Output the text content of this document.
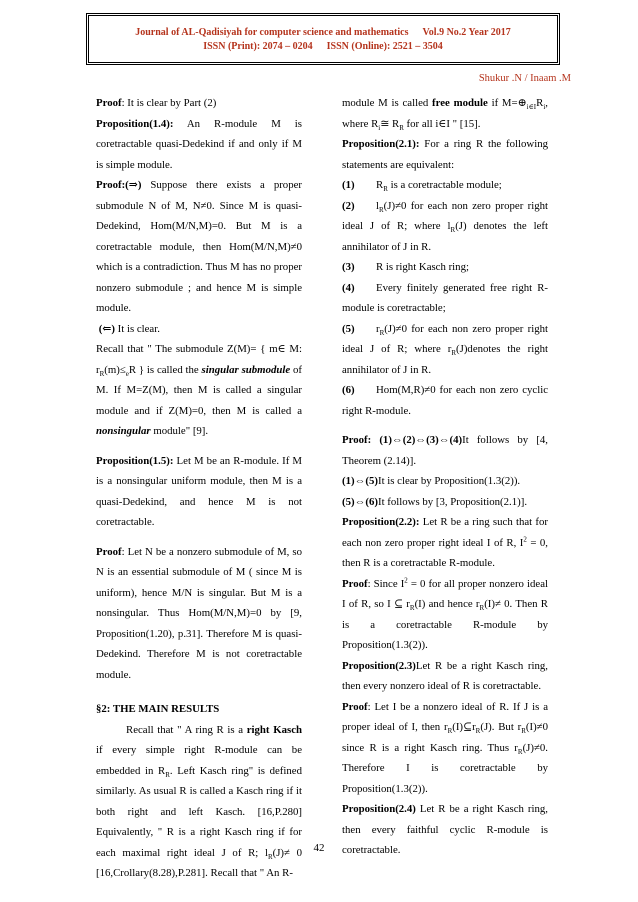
Journal of AL-Qadisiyah for computer science and mathematics Vol.9 No.2 Year 2017
ISSN (Print): 2074 – 0204 ISSN (Online): 2521 – 3504
Shukur .N / Inaam .M

Proof: It is clear by Part (2)

Proposition(1.4): An R-module M is coretractable quasi-Dedekind if and only if M is simple module.

Proof:(⇒) Suppose there exists a proper submodule N of M, N≠0. Since M is quasi-Dedekind, Hom(M/N,M)=0. But M is a coretractable module, then Hom(M/N,M)≠0 which is a contradiction. Thus M has no proper nonzero submodule ; and hence M is simple module.

(⇐) It is clear.

Recall that " The submodule Z(M)= { m∈ M: $r_R(m)\le_eR$ } is called the singular submodule of M. If M=Z(M), then M is called a singular module and if Z(M)=0, then M is called a nonsingular module" [9].

Proposition(1.5): Let M be an R-module. If M is a nonsingular uniform module, then M is a quasi-Dedekind, and hence M is not coretractable.

Proof: Let N be a nonzero submodule of M, so N is an essential submodule of M ( since M is uniform), hence M/N is singular. But M is a nonsingular. Thus Hom(M/N,M)=0 by [9, Proposition(1.20), p.31]. Therefore M is quasi-Dedekind. Therefore M is not coretractable module.

§2: THE MAIN RESULTS

Recall that " A ring R is a right Kasch if every simple right R-module can be embedded in $R_R$. Left Kasch ring" is defined similarly. As usual R is called a Kasch ring if it both right and left Kasch. [16,P.280] Equivalently, " R is a right Kasch ring if for each maximal right ideal J of R; $l_R(J)\ne 0$ [16,Crollary(8.28),P.281]. Recall that " An R-

module M is called free module if $M=\oplus_{i\in I}R_i$, where $R_i≅$ $R_R$ for all i∈I " [15].

Proposition(2.1): For a ring R the following statements are equivalent:

(1) $R_R$ is a coretractable module;

(2) $l_R(J)\ne 0$ for each non zero proper right ideal J of R; where $l_R(J)$ denotes the left annihilator of J in R.

(3) R is right Kasch ring;

(4) Every finitely generated free right R-module is coretractable;

(5) $r_R(J)\ne 0$ for each non zero proper right ideal J of R; where $r_R(J)denotes$ the right annihilator of J in R.

(6) Hom(M,R)≠0 for each non zero cyclic right R-module.

Proof: (1)⇔(2)⇔(3)⇔(4)It follows by [4, Theorem (2.14)].

(1)⇔(5)It is clear by Proposition(1.3(2)).

(5)⇔(6)It follows by [3, Proposition(2.1)].

Proposition(2.2): Let R be a ring such that for each non zero proper right ideal I of R, $I^2 = 0$, then R is a coretractable R-module.

Proof: Since $I^2 = 0$ for all proper nonzero ideal I of R, so I ⊆ $r_R(I)$ and hence $r_R(I)\ne 0$. Then R is a coretractable R-module by Proposition(1.3(2)).

Proposition(2.3)Let R be a right Kasch ring, then every nonzero ideal of R is coretractable.

Proof: Let I be a nonzero ideal of R. If J is a proper ideal of I, then $r_R(I)⊆r_R(J)$. But $r_R(I)\ne 0$ since R is a right Kasch ring. Thus $r_R(J)\ne 0$. Therefore I is coretractable by Proposition(1.3(2)).

Proposition(2.4) Let R be a right Kasch ring, then every faithful cyclic R-module is coretractable.

42
